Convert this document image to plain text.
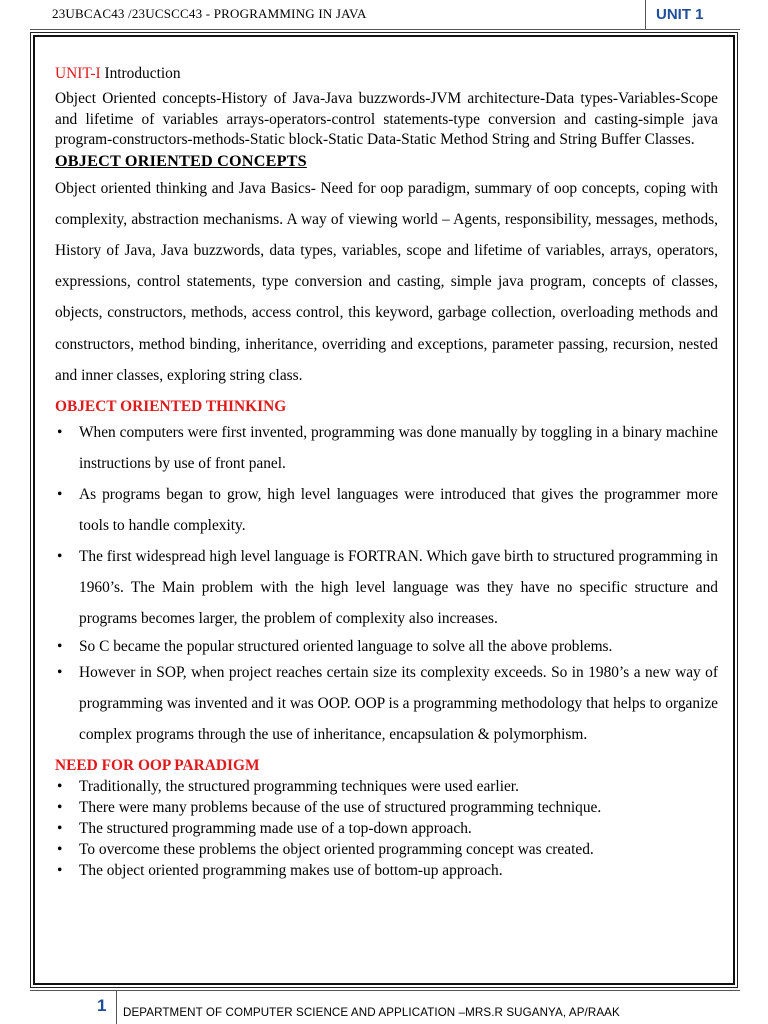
23UBCAC43 /23UCSCC43 - PROGRAMMING IN JAVA	UNIT 1

UNIT-I Introduction

Object Oriented concepts-History of Java-Java buzzwords-JVM architecture-Data types-Variables-Scope and lifetime of variables arrays-operators-control statements-type conversion and casting-simple java program-constructors-methods-Static block-Static Data-Static Method String and String Buffer Classes.

OBJECT ORIENTED CONCEPTS

Object oriented thinking and Java Basics- Need for oop paradigm, summary of oop concepts, coping with complexity, abstraction mechanisms. A way of viewing world – Agents, responsibility, messages, methods, History of Java, Java buzzwords, data types, variables, scope and lifetime of variables, arrays, operators, expressions, control statements, type conversion and casting, simple java program, concepts of classes, objects, constructors, methods, access control, this keyword, garbage collection, overloading methods and constructors, method binding, inheritance, overriding and exceptions, parameter passing, recursion, nested and inner classes, exploring string class.

OBJECT ORIENTED THINKING

• When computers were first invented, programming was done manually by toggling in a binary machine instructions by use of front panel.
• As programs began to grow, high level languages were introduced that gives the programmer more tools to handle complexity.
• The first widespread high level language is FORTRAN. Which gave birth to structured programming in 1960’s. The Main problem with the high level language was they have no specific structure and programs becomes larger, the problem of complexity also increases.
• So C became the popular structured oriented language to solve all the above problems.
• However in SOP, when project reaches certain size its complexity exceeds. So in 1980’s a new way of programming was invented and it was OOP. OOP is a programming methodology that helps to organize complex programs through the use of inheritance, encapsulation & polymorphism.

NEED FOR OOP PARADIGM

• Traditionally, the structured programming techniques were used earlier.
• There were many problems because of the use of structured programming technique.
• The structured programming made use of a top-down approach.
• To overcome these problems the object oriented programming concept was created.
• The object oriented programming makes use of bottom-up approach.
1 DEPARTMENT OF COMPUTER SCIENCE AND APPLICATION –MRS.R SUGANYA, AP/RAAK
